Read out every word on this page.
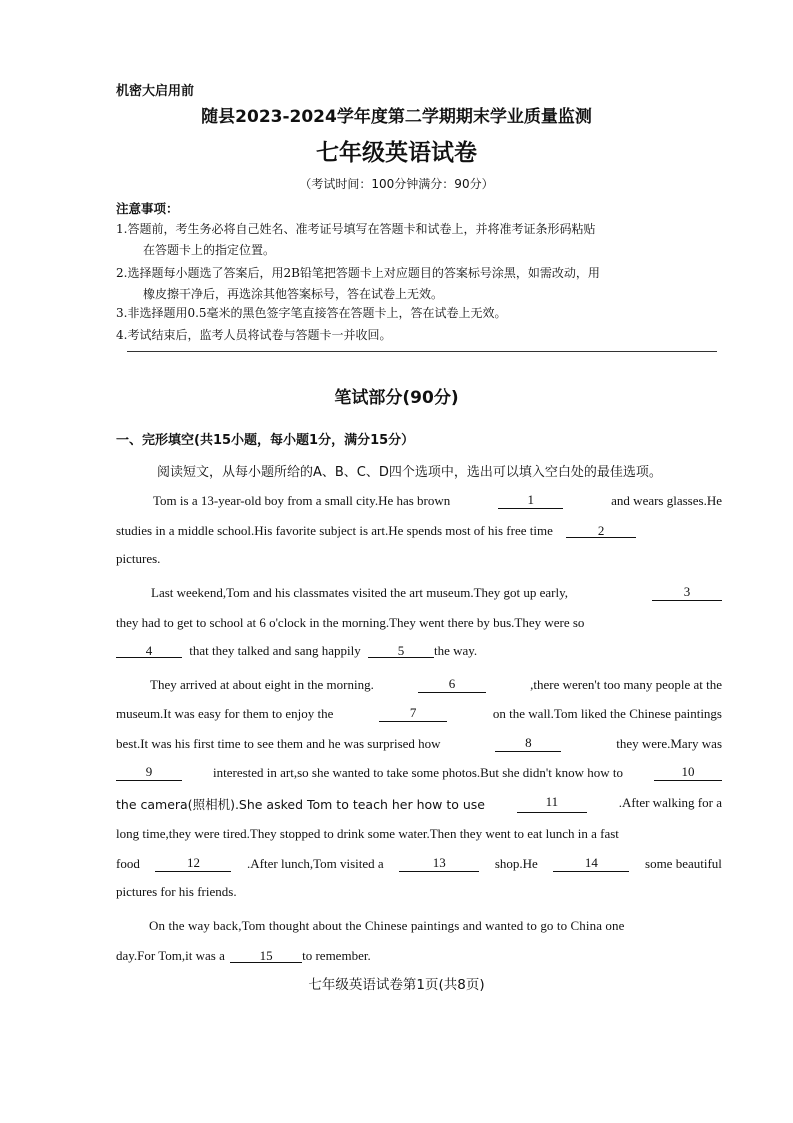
机密大启用前
随县2023-2024学年度第二学期期末学业质量监测
七年级英语试卷
（考试时间：100分钟满分：90分）
注意事项：
1.答题前，考生务必将自己姓名、准考证号填写在答题卡和试卷上，并将准考证条形码粘贴
在答题卡上的指定位置。
2.选择题每小题选了答案后，用2B铅笔把答题卡上对应题目的答案标号涂黑，如需改动，用
橡皮擦干净后，再选涂其他答案标号，答在试卷上无效。
3.非选择题用0.5毫米的黑色签字笔直接答在答题卡上，答在试卷上无效。
4.考试结束后，监考人员将试卷与答题卡一并收回。
笔试部分(90分)
一、完形填空(共15小题，每小题1分，满分15分）
阅读短文，从每小题所给的A、B、C、D四个选项中，选出可以填入空白处的最佳选项。
Tom is a 13-year-old boy from a small city.He has brown	1	and wears glasses.He
studies in a middle school.His favorite subject is art.He spends most of his free time	2
pictures.
Last weekend,Tom and his classmates visited the art museum.They got up early,	3
they had to get to school at 6 o'clock in the morning.They went there by bus.They were so
4	that they talked and sang happily	5 the way.
They arrived at about eight in the morning.	6	,there weren't too many people at the
museum.It was easy for them to enjoy the	7	on the wall.Tom liked the Chinese paintings
best.It was his first time to see them and he was surprised how	8	they were.Mary was
9	interested in art,so she wanted to take some photos.But she didn't know how to	10
the camera(照相机).She asked Tom to teach her how to use	11	.After walking for a
long time,they were tired.They stopped to drink some water.Then they went to eat lunch in a fast
food	12	.After lunch,Tom visited a	13	shop.He	14	some beautiful
pictures for his friends.
On the way back,Tom thought about the Chinese paintings and wanted to go to China one
day.For Tom,it was a	15 to remember.
七年级英语试卷第1页(共8页)
